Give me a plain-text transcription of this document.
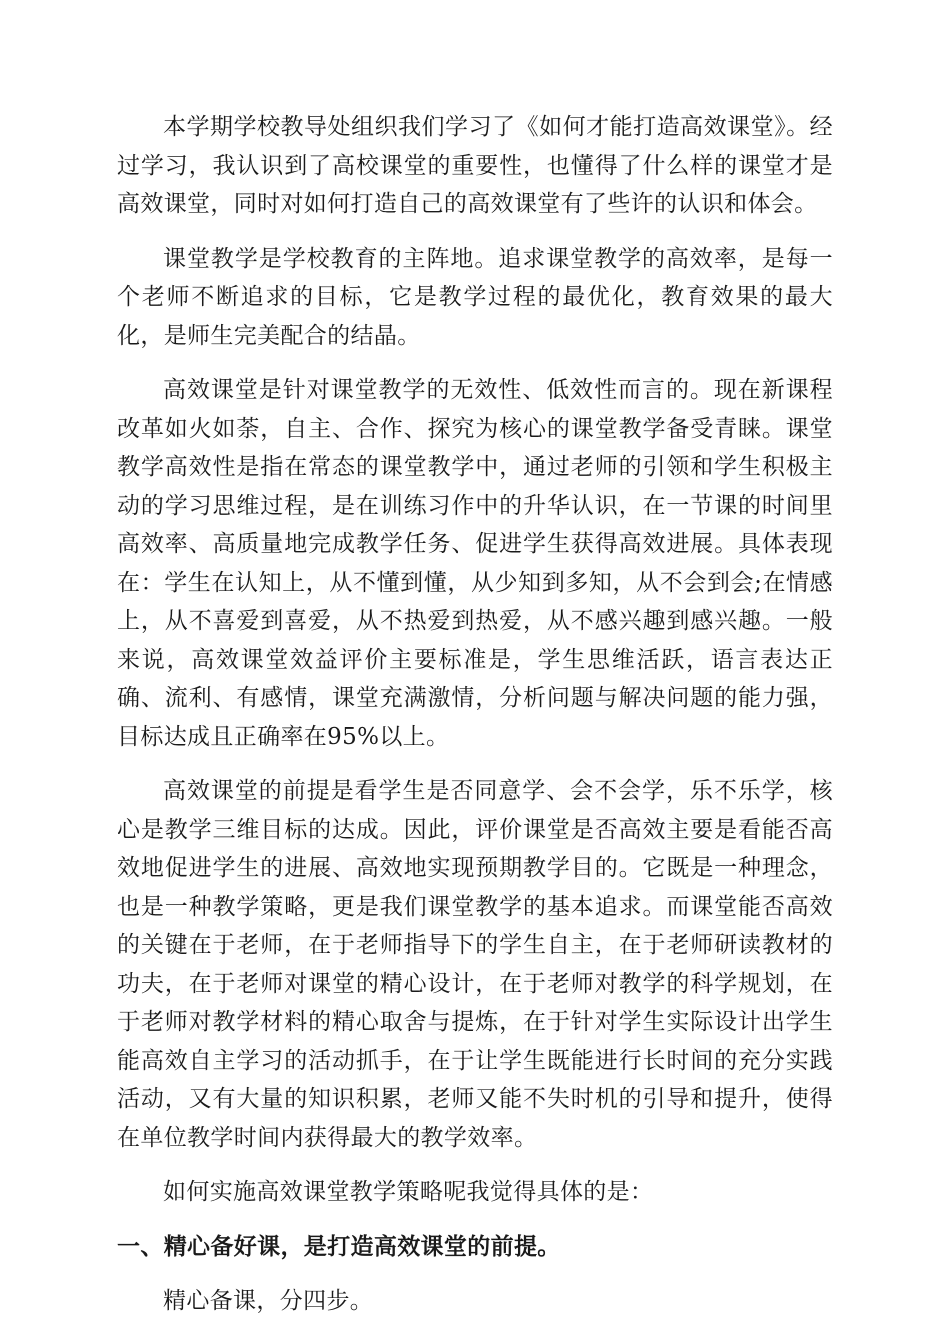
本学期学校教导处组织我们学习了《如何才能打造高效课堂》。经过学习，我认识到了高校课堂的重要性，也懂得了什么样的课堂才是高效课堂，同时对如何打造自己的高效课堂有了些许的认识和体会。

课堂教学是学校教育的主阵地。追求课堂教学的高效率，是每一个老师不断追求的目标，它是教学过程的最优化，教育效果的最大化，是师生完美配合的结晶。

高效课堂是针对课堂教学的无效性、低效性而言的。现在新课程改革如火如荼，自主、合作、探究为核心的课堂教学备受青睐。课堂教学高效性是指在常态的课堂教学中，通过老师的引领和学生积极主动的学习思维过程，是在训练习作中的升华认识，在一节课的时间里高效率、高质量地完成教学任务、促进学生获得高效进展。具体表现在：学生在认知上，从不懂到懂，从少知到多知，从不会到会;在情感上，从不喜爱到喜爱，从不热爱到热爱，从不感兴趣到感兴趣。一般来说，高效课堂效益评价主要标准是，学生思维活跃，语言表达正确、流利、有感情，课堂充满激情，分析问题与解决问题的能力强，目标达成且正确率在95%以上。

高效课堂的前提是看学生是否同意学、会不会学，乐不乐学，核心是教学三维目标的达成。因此，评价课堂是否高效主要是看能否高效地促进学生的进展、高效地实现预期教学目的。它既是一种理念，也是一种教学策略，更是我们课堂教学的基本追求。而课堂能否高效的关键在于老师，在于老师指导下的学生自主，在于老师研读教材的功夫，在于老师对课堂的精心设计，在于老师对教学的科学规划，在于老师对教学材料的精心取舍与提炼，在于针对学生实际设计出学生能高效自主学习的活动抓手，在于让学生既能进行长时间的充分实践活动，又有大量的知识积累，老师又能不失时机的引导和提升，使得在单位教学时间内获得最大的教学效率。

如何实施高效课堂教学策略呢我觉得具体的是：

一、精心备好课，是打造高效课堂的前提。

精心备课，分四步。
